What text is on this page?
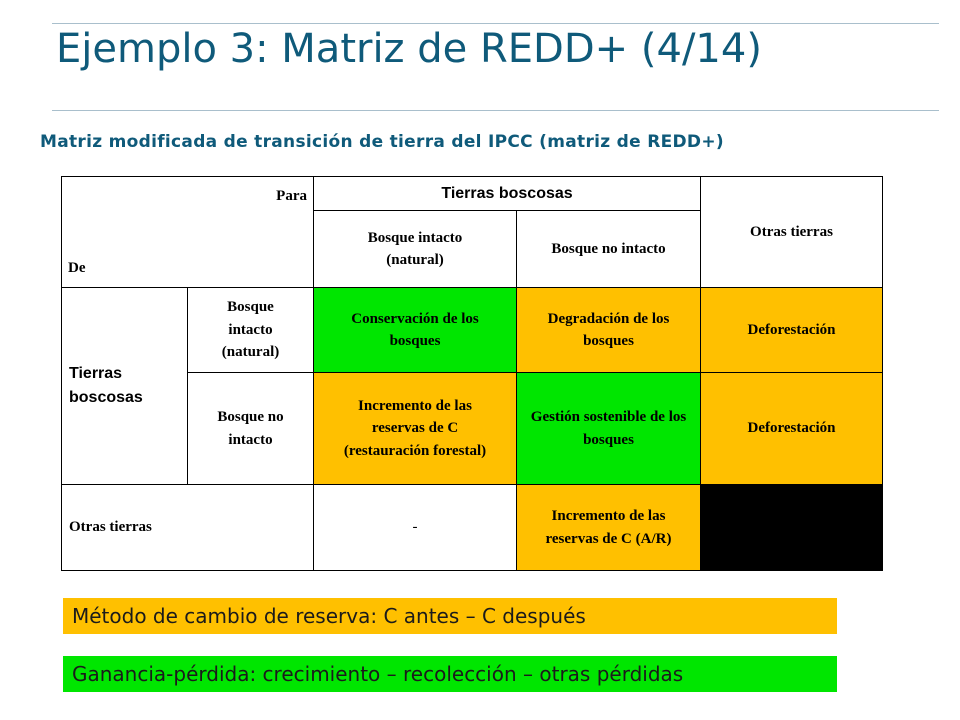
Ejemplo 3: Matriz de REDD+ (4/14)
Matriz modificada de transición de tierra del IPCC (matriz de REDD+)
Para
De		Tierras boscosas		Otras tierras
		Bosque intacto (natural)	Bosque no intacto	
Tierras boscosas	Bosque intacto (natural)	Conservación de los bosques	Degradación de los bosques	Deforestación
	Bosque no intacto	Incremento de las reservas de C (restauración forestal)	Gestión sostenible de los bosques	Deforestación
Otras tierras		-	Incremento de las reservas de C (A/R)	
Método de cambio de reserva: C antes – C después
Ganancia-pérdida: crecimiento – recolección – otras pérdidas
